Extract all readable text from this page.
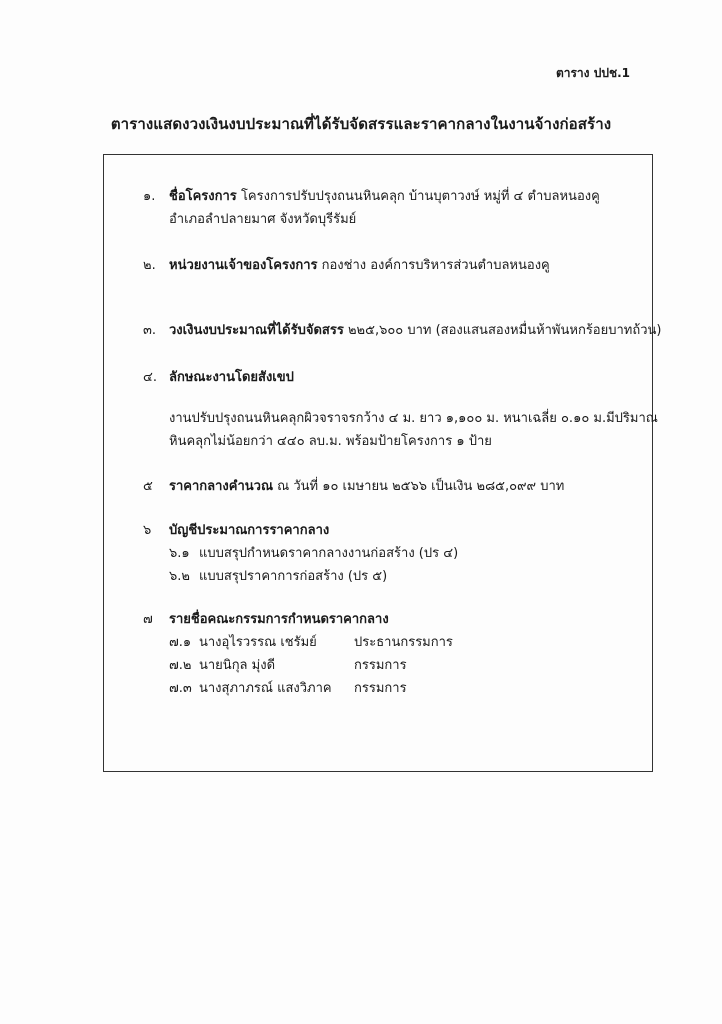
ตาราง ปปช.1
ตารางแสดงวงเงินงบประมาณที่ได้รับจัดสรรและราคากลางในงานจ้างก่อสร้าง
๑. ชื่อโครงการ โครงการปรับปรุงถนนหินคลุก บ้านบุตาวงษ์ หมู่ที่ ๔ ตำบลหนองคู
อำเภอลำปลายมาศ จังหวัดบุรีรัมย์
๒. หน่วยงานเจ้าของโครงการ กองช่าง องค์การบริหารส่วนตำบลหนองคู
๓. วงเงินงบประมาณที่ได้รับจัดสรร ๒๒๕,๖๐๐ บาท (สองแสนสองหมื่นห้าพันหกร้อยบาทถ้วน)
๔. ลักษณะงานโดยสังเขป
งานปรับปรุงถนนหินคลุกผิวจราจรกว้าง ๔ ม. ยาว ๑,๑๐๐ ม. หนาเฉลี่ย ๐.๑๐ ม.มีปริมาณ
หินคลุกไม่น้อยกว่า ๔๔๐ ลบ.ม. พร้อมป้ายโครงการ ๑ ป้าย
๕ ราคากลางคำนวณ ณ วันที่ ๑๐ เมษายน ๒๕๖๖ เป็นเงิน ๒๘๕,๐๙๙ บาท
๖ บัญชีประมาณการราคากลาง
๖.๑ แบบสรุปกำหนดราคากลางงานก่อสร้าง (ปร ๔)
๖.๒ แบบสรุปราคาการก่อสร้าง (ปร ๕)
๗ รายชื่อคณะกรรมการกำหนดราคากลาง
๗.๑ นางอุไรวรรณ เชรัมย์	ประธานกรรมการ
๗.๒ นายนิกุล มุ่งดี	กรรมการ
๗.๓ นางสุภาภรณ์ แสงวิภาค กรรมการ
